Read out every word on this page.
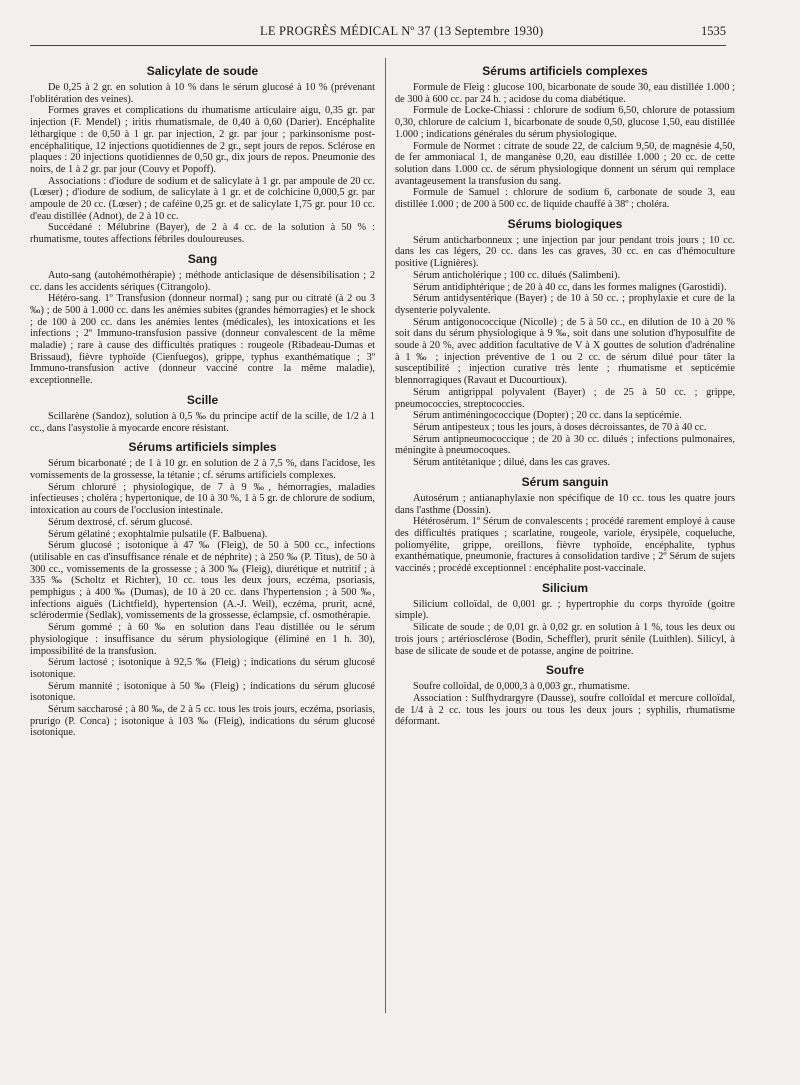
LE PROGRÈS MÉDICAL Nº 37 (13 Septembre 1930)	1535
Salicylate de soude

De 0,25 à 2 gr. en solution à 10 % dans le sérum glucosé à 10 % (prévenant l'oblitération des veines).

Formes graves et complications du rhumatisme articulaire aigu, 0,35 gr. par injection (F. Mendel) ; iritis rhumatismale, de 0,40 à 0,60 (Darier). Encéphalite léthargique : de 0,50 à 1 gr. par injection, 2 gr. par jour ; parkinsonisme post-encéphalitique, 12 injections quotidiennes de 2 gr., sept jours de repos. Sclérose en plaques : 20 injections quotidiennes de 0,50 gr., dix jours de repos. Pneumonie des noirs, de 1 à 2 gr. par jour (Couvy et Popoff).

Associations : d'iodure de sodium et de salicylate à 1 gr. par ampoule de 20 cc. (Lœser) ; d'iodure de sodium, de salicylate à 1 gr. et de colchicine 0,000,5 gr. par ampoule de 20 cc. (Lœser) ; de caféine 0,25 gr. et de salicylate 1,75 gr. pour 10 cc. d'eau distillée (Adnot), de 2 à 10 cc.

Succédané : Mélubrine (Bayer), de 2 à 4 cc. de la solution à 50 % : rhumatisme, toutes affections fébriles douloureuses.

Sang

Auto-sang (autohémothérapie) ; méthode anticlasique de désensibilisation ; 2 cc. dans les accidents sériques (Citrangolo).

Hétéro-sang. 1º Transfusion (donneur normal) ; sang pur ou citraté (à 2 ou 3 ‰) ; de 500 à 1.000 cc. dans les anémies subites (grandes hémorragies) et le shock ; de 100 à 200 cc. dans les anémies lentes (médicales), les intoxications et les infections ; 2º Immuno-transfusion passive (donneur convalescent de la même maladie) ; rare à cause des difficultés pratiques : rougeole (Ribadeau-Dumas et Brissaud), fièvre typhoïde (Cienfuegos), grippe, typhus exanthématique ; 3º Immuno-transfusion active (donneur vacciné contre la même maladie), exceptionnelle.

Scille

Scillarène (Sandoz), solution à 0,5 ‰ du principe actif de la scille, de 1/2 à 1 cc., dans l'asystolie à myocarde encore résistant.

Sérums artificiels simples

Sérum bicarbonaté ; de 1 à 10 gr. en solution de 2 à 7,5 %, dans l'acidose, les vomissements de la grossesse, la tétanie ; cf. sérums artificiels complexes.

Sérum chloruré ; physiologique, de 7 à 9 ‰, hémorragies, maladies infectieuses ; choléra ; hypertonique, de 10 à 30 %, 1 à 5 gr. de chlorure de sodium, intoxication au cours de l'occlusion intestinale.

Sérum dextrosé, cf. sérum glucosé.

Sérum gélatiné ; exophtalmie pulsatile (F. Balbuena).

Sérum glucosé ; isotonique à 47 ‰ (Fleig), de 50 à 500 cc., infections (utilisable en cas d'insuffisance rénale et de néphrite) ; à 250 ‰ (P. Titus), de 50 à 300 cc., vomissements de la grossesse ; à 300 ‰ (Fleig), diurétique et nutritif ; à 335 ‰ (Scholtz et Richter), 10 cc. tous les deux jours, eczéma, psoriasis, pemphigus ; à 400 ‰ (Dumas), de 10 à 20 cc. dans l'hypertension ; à 500 ‰, infections aiguës (Lichtfield), hypertension (A.-J. Weil), eczéma, prurit, acné, sclérodermie (Sedlak), vomissements de la grossesse, éclampsie, cf. osmothérapie.

Sérum gommé ; à 60 ‰ en solution dans l'eau distillée ou le sérum physiologique : insuffisance du sérum physiologique (éliminé en 1 h. 30), impossibilité de la transfusion.

Sérum lactosé ; isotonique à 92,5 ‰ (Fleig) ; indications du sérum glucosé isotonique.

Sérum mannité ; isotonique à 50 ‰ (Fleig) ; indications du sérum glucosé isotonique.

Sérum saccharosé ; à 80 ‰, de 2 à 5 cc. tous les trois jours, eczéma, psoriasis, prurigo (P. Conca) ; isotonique à 103 ‰ (Fleig), indications du sérum glucosé isotonique.

Sérums artificiels complexes

Formule de Fleig : glucose 100, bicarbonate de soude 30, eau distillée 1.000 ; de 300 à 600 cc. par 24 h. ; acidose du coma diabétique.

Formule de Locke-Chiassi : chlorure de sodium 6,50, chlorure de potassium 0,30, chlorure de calcium 1, bicarbonate de soude 0,50, glucose 1,50, eau distillée 1.000 ; indications générales du sérum physiologique.

Formule de Normet : citrate de soude 22, de calcium 9,50, de magnésie 4,50, de fer ammoniacal 1, de manganèse 0,20, eau distillée 1.000 ; 20 cc. de cette solution dans 1.000 cc. de sérum physiologique donnent un sérum qui remplace avantageusement la transfusion du sang.

Formule de Samuel : chlorure de sodium 6, carbonate de soude 3, eau distillée 1.000 ; de 200 à 500 cc. de liquide chauffé à 38º ; choléra.

Sérums biologiques

Sérum anticharbonneux ; une injection par jour pendant trois jours ; 10 cc. dans les cas légers, 20 cc. dans les cas graves, 30 cc. en cas d'hémoculture positive (Lignières).

Sérum anticholérique ; 100 cc. dilués (Salimbeni).

Sérum antidiphtérique ; de 20 à 40 cc, dans les formes malignes (Garostidi).

Sérum antidysentérique (Bayer) ; de 10 à 50 cc. ; prophylaxie et cure de la dysenterie polyvalente.

Sérum antigonococcique (Nicolle) ; de 5 à 50 cc., en dilution de 10 à 20 % soit dans du sérum physiologique à 9 ‰, soit dans une solution d'hyposulfite de soude à 20 %, avec addition facultative de V à X gouttes de solution d'adrénaline à 1 ‰ ; injection préventive de 1 ou 2 cc. de sérum dilué pour tâter la susceptibilité ; injection curative très lente ; rhumatisme et septicémie blennorragiques (Ravaut et Ducourtioux).

Sérum antigrippal polyvalent (Bayer) ; de 25 à 50 cc. ; grippe, pneumococcies, streptococcies.

Sérum antiméningococcique (Dopter) ; 20 cc. dans la septicémie.

Sérum antipesteux ; tous les jours, à doses décroissantes, de 70 à 40 cc.

Sérum antipneumococcique ; de 20 à 30 cc. dilués ; infections pulmonaires, méningite à pneumocoques.

Sérum antitétanique ; dilué, dans les cas graves.

Sérum sanguin

Autosérum ; antianaphylaxie non spécifique de 10 cc. tous les quatre jours dans l'asthme (Dossin).

Hétérosérum. 1º Sérum de convalescents ; procédé rarement employé à cause des difficultés pratiques ; scarlatine, rougeole, variole, érysipèle, coqueluche, poliomyélite, grippe, oreillons, fièvre typhoïde, encéphalite, typhus exanthématique, pneumonie, fractures à consolidation tardive ; 2º Sérum de sujets vaccinés ; procédé exceptionnel : encéphalite post-vaccinale.

Silicium

Silicium colloïdal, de 0,001 gr. ; hypertrophie du corps thyroïde (goitre simple).

Silicate de soude ; de 0,01 gr. à 0,02 gr. en solution à 1 %, tous les deux ou trois jours ; artériosclérose (Bodin, Scheffler), prurit sénile (Luithlen). Silicyl, à base de silicate de soude et de potasse, angine de poitrine.

Soufre

Soufre colloïdal, de 0,000,3 à 0,003 gr., rhumatisme.

Association : Sulfhydrargyre (Dausse), soufre colloïdal et mercure colloïdal, de 1/4 à 2 cc. tous les jours ou tous les deux jours ; syphilis, rhumatisme déformant.
